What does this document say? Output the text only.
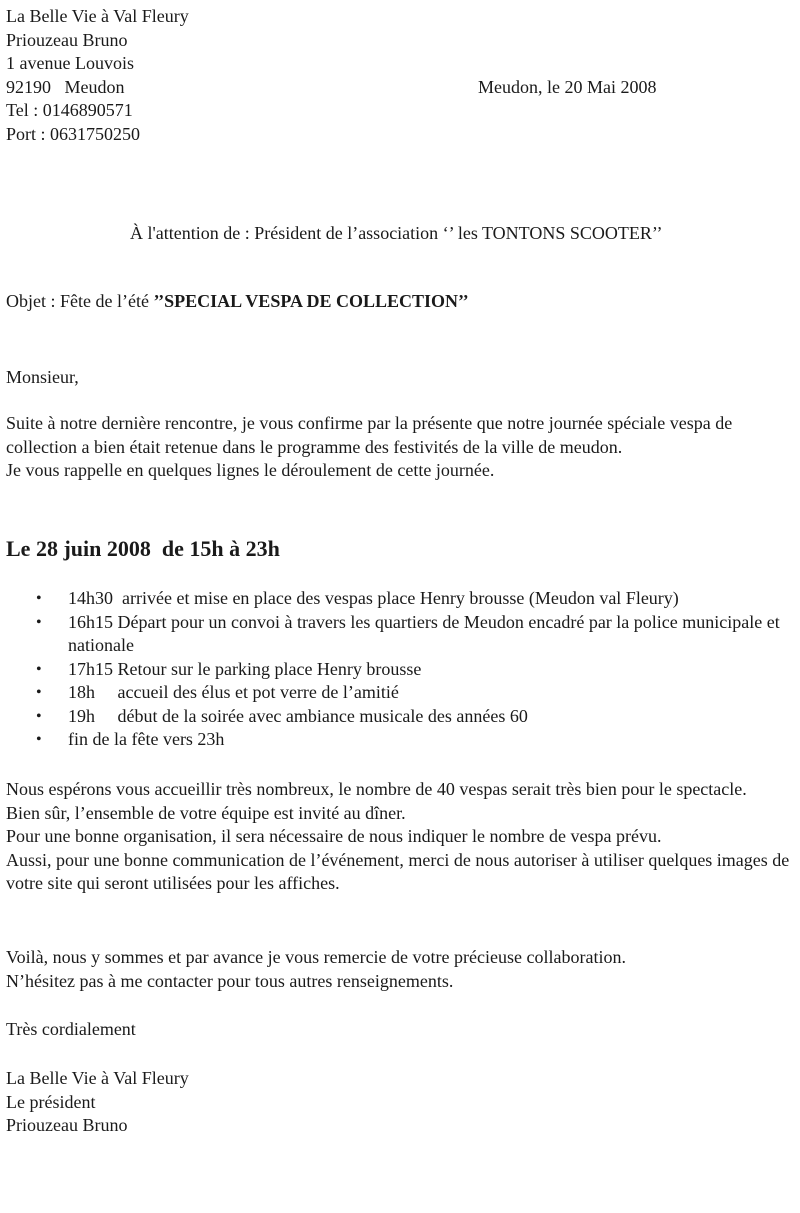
La Belle Vie à Val Fleury
Priouzeau Bruno
1 avenue Louvois
92190   Meudon
Tel : 0146890571
Port : 0631750250
Meudon, le 20 Mai 2008
À l'attention de : Président de l’association ‘’ les TONTONS SCOOTER’’
Objet : Fête de l’été ’’SPECIAL VESPA DE COLLECTION’’
Monsieur,

Suite à notre dernière rencontre, je vous confirme par la présente que notre journée spéciale vespa de collection a bien était retenue dans le programme des festivités de la ville de meudon.

Je vous rappelle en quelques lignes le déroulement de cette journée.

Le 28 juin 2008  de 15h à 23h
• 14h30  arrivée et mise en place des vespas place Henry brousse (Meudon val Fleury)
• 16h15 Départ pour un convoi à travers les quartiers de Meudon encadré par la police municipale et nationale
• 17h15 Retour sur le parking place Henry brousse
• 18h     accueil des élus et pot verre de l’amitié
• 19h     début de la soirée avec ambiance musicale des années 60
• fin de la fête vers 23h

Nous espérons vous accueillir très nombreux, le nombre de 40 vespas serait très bien pour le spectacle.

Bien sûr, l’ensemble de votre équipe est invité au dîner.

Pour une bonne organisation, il sera nécessaire de nous indiquer le nombre de vespa prévu.

Aussi, pour une bonne communication de l’événement, merci de nous autoriser à utiliser quelques images de votre site qui seront utilisées pour les affiches.

Voilà, nous y sommes et par avance je vous remercie de votre précieuse collaboration.

N’hésitez pas à me contacter pour tous autres renseignements.

Très cordialement
La Belle Vie à Val Fleury
Le président
Priouzeau Bruno
